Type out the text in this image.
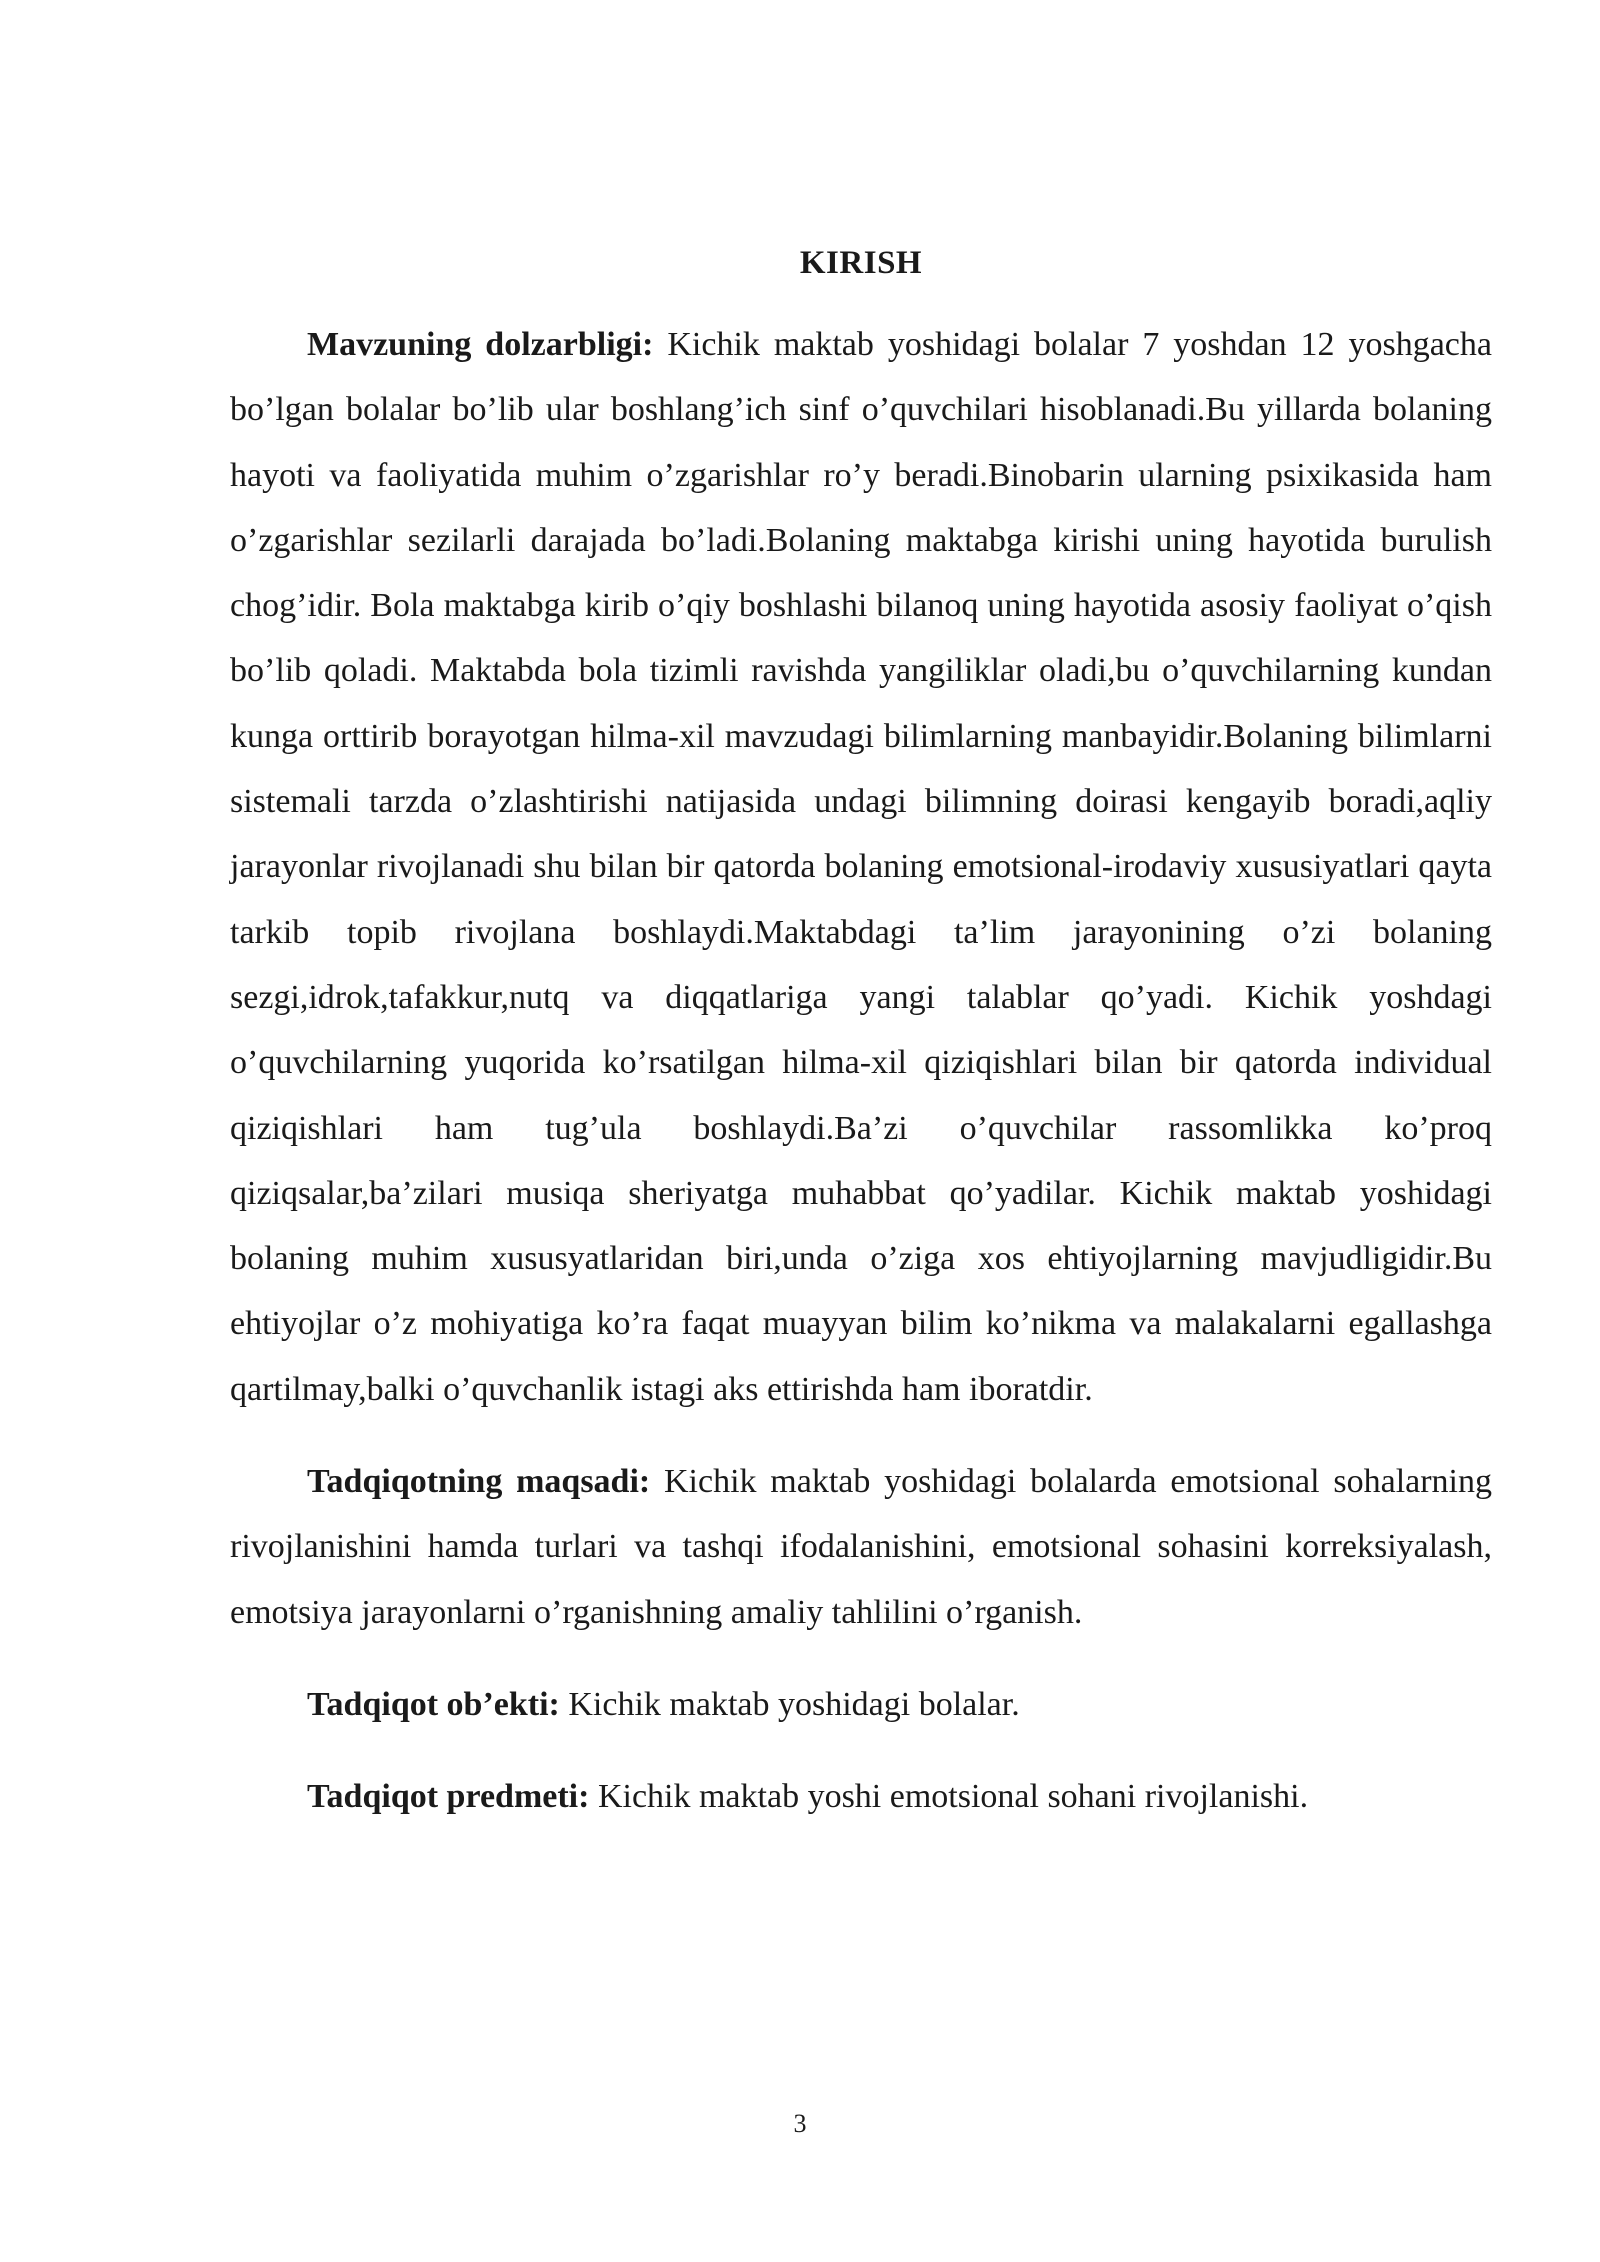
KIRISH

Mavzuning dolzarbligi: Kichik maktab yoshidagi bolalar 7 yoshdan 12 yoshgacha bo’lgan bolalar bo’lib ular boshlang’ich sinf o’quvchilari hisoblanadi.Bu yillarda bolaning hayoti va faoliyatida muhim o’zgarishlar ro’y beradi.Binobarin ularning psixikasida ham o’zgarishlar sezilarli darajada bo’ladi.Bolaning maktabga kirishi uning hayotida burulish chog’idir. Bola maktabga kirib o’qiy boshlashi bilanoq uning hayotida asosiy faoliyat o’qish bo’lib qoladi. Maktabda bola tizimli ravishda yangiliklar oladi,bu o’quvchilarning kundan kunga orttirib borayotgan hilma-xil mavzudagi bilimlarning manbayidir.Bolaning bilimlarni sistemali tarzda o’zlashtirishi natijasida undagi bilimning doirasi kengayib boradi,aqliy jarayonlar rivojlanadi shu bilan bir qatorda bolaning emotsional-irodaviy xususiyatlari qayta tarkib topib rivojlana boshlaydi.Maktabdagi ta’lim jarayonining o’zi bolaning sezgi,idrok,tafakkur,nutq va diqqatlariga yangi talablar qo’yadi. Kichik yoshdagi o’quvchilarning yuqorida ko’rsatilgan hilma-xil qiziqishlari bilan bir qatorda individual qiziqishlari ham tug’ula boshlaydi.Ba’zi o’quvchilar rassomlikka ko’proq qiziqsalar,ba’zilari musiqa sheriyatga muhabbat qo’yadilar. Kichik maktab yoshidagi bolaning muhim xususyatlaridan biri,unda o’ziga xos ehtiyojlarning mavjudligidir.Bu ehtiyojlar o’z mohiyatiga ko’ra faqat muayyan bilim ko’nikma va malakalarni egallashga qartilmay,balki o’quvchanlik istagi aks ettirishda ham iboratdir.

Tadqiqotning maqsadi: Kichik maktab yoshidagi bolalarda emotsional sohalarning rivojlanishini hamda turlari va tashqi ifodalanishini, emotsional sohasini korreksiyalash, emotsiya jarayonlarni o’rganishning amaliy tahlilini o’rganish.

Tadqiqot ob’ekti: Kichik maktab yoshidagi bolalar.

Tadqiqot predmeti: Kichik maktab yoshi emotsional sohani rivojlanishi.

3
